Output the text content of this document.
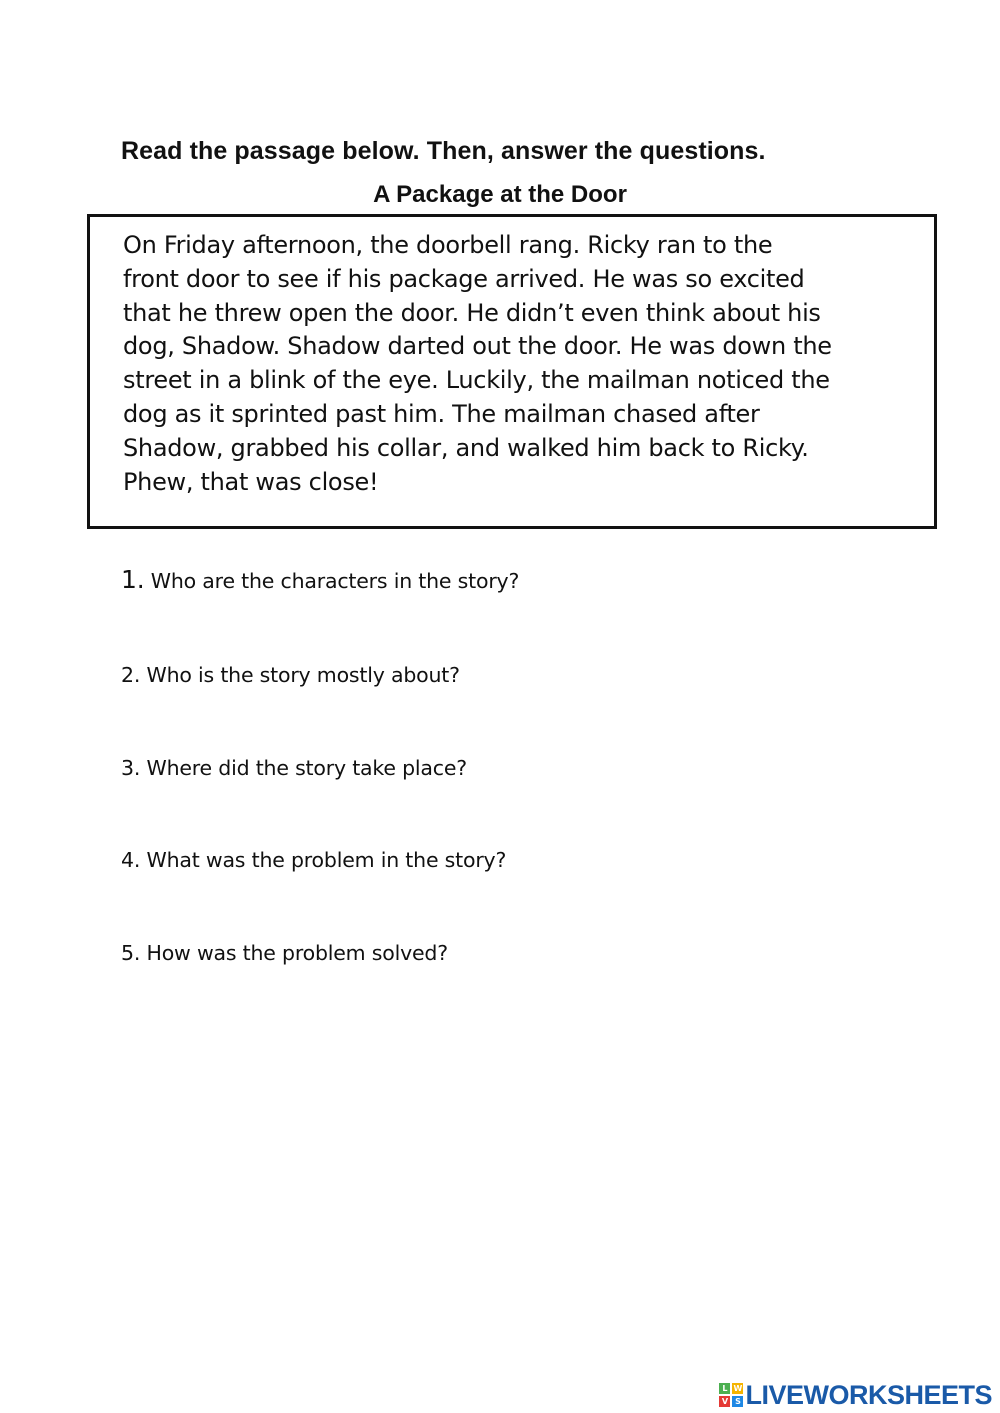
Read the passage below. Then, answer the questions.
A Package at the Door
On Friday afternoon, the doorbell rang. Ricky ran to the
front door to see if his package arrived. He was so excited
that he threw open the door. He didn’t even think about his
dog, Shadow. Shadow darted out the door. He was down the
street in a blink of the eye. Luckily, the mailman noticed the
dog as it sprinted past him. The mailman chased after
Shadow, grabbed his collar, and walked him back to Ricky.
Phew, that was close!
1. Who are the characters in the story?
2. Who is the story mostly about?
3. Where did the story take place?
4. What was the problem in the story?
5. How was the problem solved?
L W
V S LIVEWORKSHEETS
